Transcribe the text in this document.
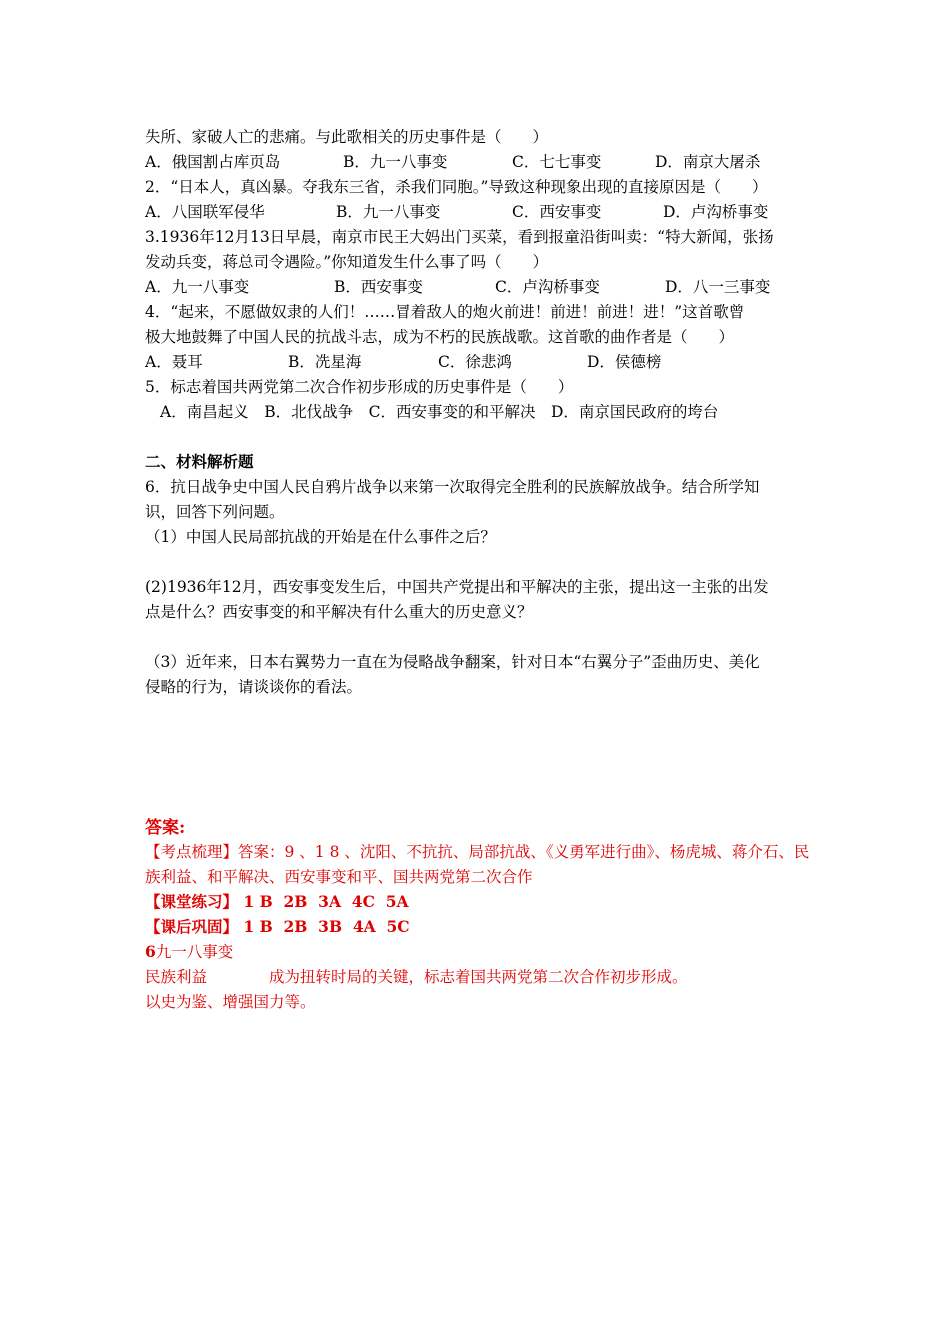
失所、家破人亡的悲痛。与此歌相关的历史事件是（　　）
A．俄国割占库页岛	B．九一八事变	C．七七事变	D．南京大屠杀
2．“日本人，真凶暴。夺我东三省，杀我们同胞。”导致这种现象出现的直接原因是（　　）
A．八国联军侵华	B．九一八事变	C．西安事变	D．卢沟桥事变
3.1936年12月13日早晨，南京市民王大妈出门买菜，看到报童沿街叫卖：“特大新闻，张扬
发动兵变，蒋总司令遇险。”你知道发生什么事了吗（　　）
A．九一八事变	B．西安事变	C．卢沟桥事变	D．八一三事变
4．“起来，不愿做奴隶的人们！……冒着敌人的炮火前进！前进！前进！进！”这首歌曾
极大地鼓舞了中国人民的抗战斗志，成为不朽的民族战歌。这首歌的曲作者是（　　）
A．聂耳	B．冼星海	C．徐悲鸿	D．侯德榜
5．标志着国共两党第二次合作初步形成的历史事件是（　　）
A．南昌起义　B．北伐战争　C．西安事变的和平解决　D．南京国民政府的垮台
二、材料解析题
6．抗日战争史中国人民自鸦片战争以来第一次取得完全胜利的民族解放战争。结合所学知
识，回答下列问题。
（1）中国人民局部抗战的开始是在什么事件之后？
(2)1936年12月，西安事变发生后，中国共产党提出和平解决的主张，提出这一主张的出发
点是什么？西安事变的和平解决有什么重大的历史意义？
（3）近年来，日本右翼势力一直在为侵略战争翻案，针对日本“右翼分子”歪曲历史、美化
侵略的行为，请谈谈你的看法。
答案:
【考点梳理】答案：9 、1 8 、沈阳、不抗抗、局部抗战、《义勇军进行曲》、杨虎城、蒋介石、民
族利益、和平解决、西安事变和平、国共两党第二次合作
【课堂练习】 1 B  2B  3A  4C  5A
【课后巩固】 1 B  2B  3B  4A  5C
6九一八事变
民族利益	成为扭转时局的关键，标志着国共两党第二次合作初步形成。
以史为鉴、增强国力等。
